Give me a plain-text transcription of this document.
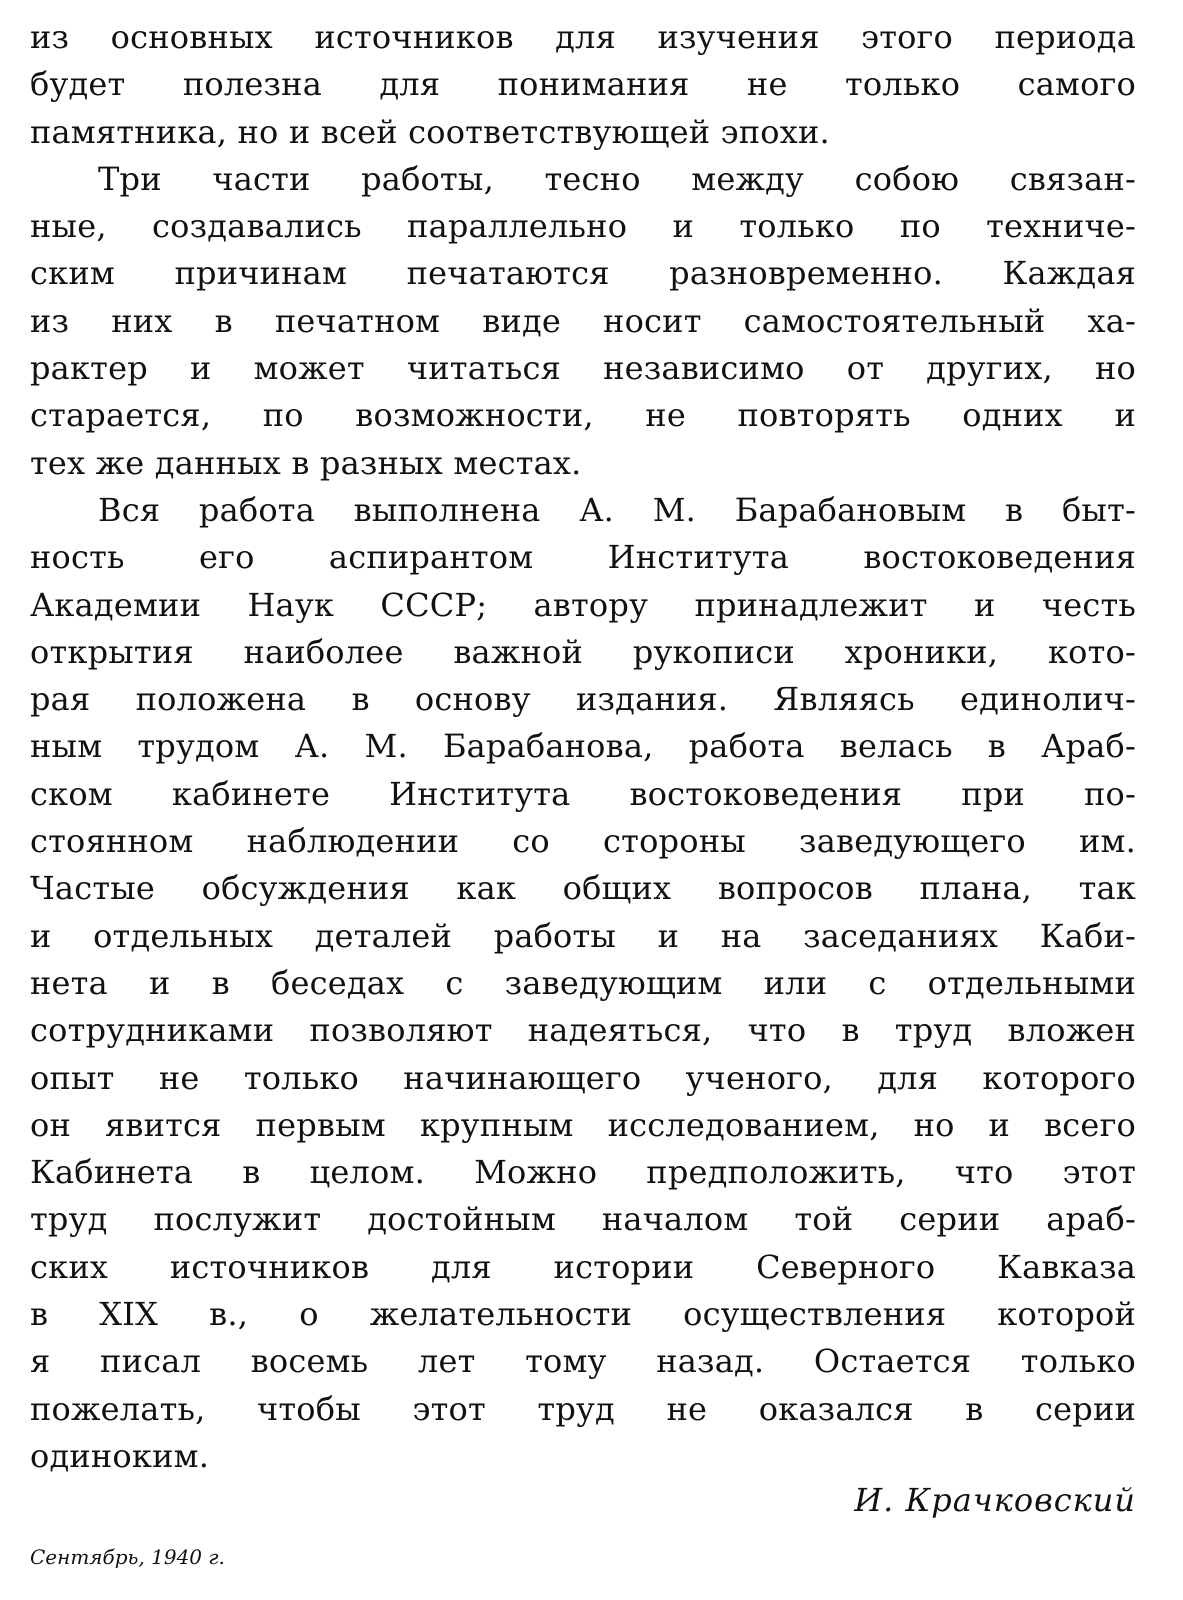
из основных источников для изучения этого периода
будет полезна для понимания не только самого
памятника, но и всей соответствующей эпохи.
Три части работы, тесно между собою связан-
ные, создавались параллельно и только по техниче-
ским причинам печатаются разновременно. Каждая
из них в печатном виде носит самостоятельный ха-
рактер и может читаться независимо от других, но
старается, по возможности, не повторять одних и
тех же данных в разных местах.
Вся работа выполнена А. М. Барабановым в быт-
ность его аспирантом Института востоковедения
Академии Наук СССР; автору принадлежит и честь
открытия наиболее важной рукописи хроники, кото-
рая положена в основу издания. Являясь единолич-
ным трудом А. М. Барабанова, работа велась в Араб-
ском кабинете Института востоковедения при по-
стоянном наблюдении со стороны заведующего им.
Частые обсуждения как общих вопросов плана, так
и отдельных деталей работы и на заседаниях Каби-
нета и в беседах с заведующим или с отдельными
сотрудниками позволяют надеяться, что в труд вложен
опыт не только начинающего ученого, для которого
он явится первым крупным исследованием, но и всего
Кабинета в целом. Можно предположить, что этот
труд послужит достойным началом той серии араб-
ских источников для истории Северного Кавказа
в XIX в., о желательности осуществления которой
я писал восемь лет тому назад. Остается только
пожелать, чтобы этот труд не оказался в серии
одиноким.
И. Крачковский
Сентябрь, 1940 г.
